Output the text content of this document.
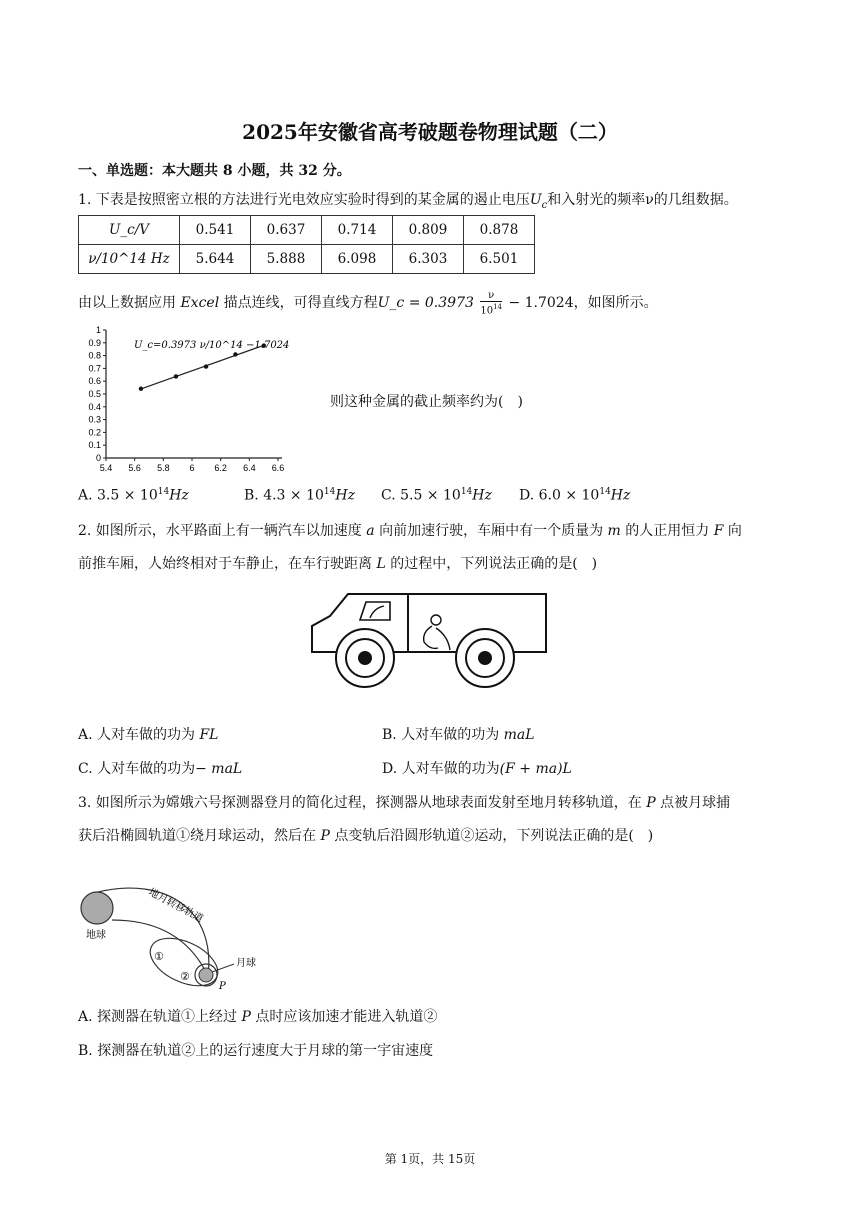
2025年安徽省高考破题卷物理试题（二）
一、单选题：本大题共 8 小题，共 32 分。
1. 下表是按照密立根的方法进行光电效应实验时得到的某金属的遏止电压$U_c$和入射光的频率ν的几组数据。
U_c/V	0.541	0.637	0.714	0.809	0.878
ν/10^14 Hz	5.644	5.888	6.098	6.303	6.501
由以上数据应用 Excel 描点连线，可得直线方程U_c = $0.3973 \frac{\nu}{10^{14}} - 1.7024$，如图所示。
0
0.1
0.2
0.3
0.4
0.5
0.6
0.7
0.8
0.9
1
5.4 5.6 5.8 6 6.2 6.4 6.6
U_c=0.3973 ν/10^14 −1.7024
则这种金属的截止频率约为(　)
A. $3.5 \times 10^{14}Hz$	B. $4.3 \times 10^{14}Hz$ C. $5.5 \times 10^{14}Hz$ D. $6.0 \times 10^{14}Hz$
2. 如图所示，水平路面上有一辆汽车以加速度 a 向前加速行驶，车厢中有一个质量为 m 的人正用恒力 F 向
前推车厢，人始终相对于车静止，在车行驶距离 L 的过程中，下列说法正确的是(　)
A. 人对车做的功为 FL	B. 人对车做的功为 maL
C. 人对车做的功为− maL	D. 人对车做的功为(F + ma)L
3. 如图所示为嫦娥六号探测器登月的简化过程，探测器从地球表面发射至地月转移轨道，在 P 点被月球捕
获后沿椭圆轨道①绕月球运动，然后在 P 点变轨后沿圆形轨道②运动，下列说法正确的是(　)
地球
地月转移轨道
①
②
月球
P
A. 探测器在轨道①上经过 P 点时应该加速才能进入轨道②
B. 探测器在轨道②上的运行速度大于月球的第一宇宙速度
第 1页，共 15页
